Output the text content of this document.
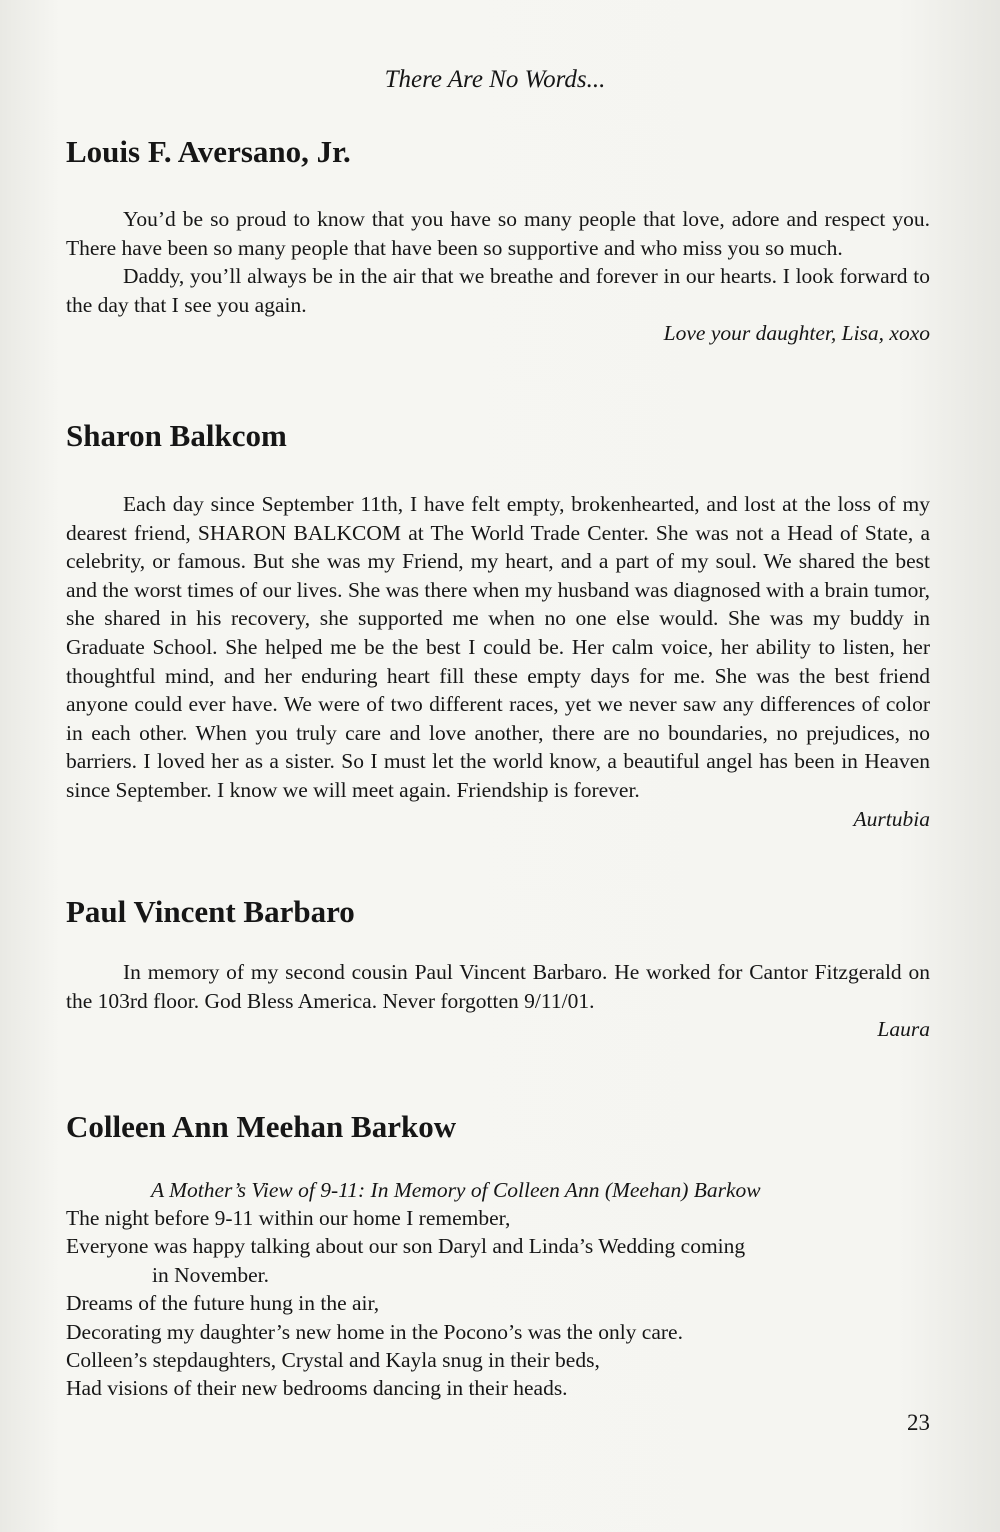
There Are No Words...
Louis F. Aversano, Jr.

You’d be so proud to know that you have so many people that love, adore and respect you. There have been so many people that have been so supportive and who miss you so much.

Daddy, you’ll always be in the air that we breathe and forever in our hearts. I look forward to the day that I see you again.

Love your daughter, Lisa, xoxo

Sharon Balkcom

Each day since September 11th, I have felt empty, brokenhearted, and lost at the loss of my dearest friend, SHARON BALKCOM at The World Trade Center. She was not a Head of State, a celebrity, or famous. But she was my Friend, my heart, and a part of my soul. We shared the best and the worst times of our lives. She was there when my husband was diagnosed with a brain tumor, she shared in his recovery, she supported me when no one else would. She was my buddy in Graduate School. She helped me be the best I could be. Her calm voice, her ability to listen, her thoughtful mind, and her enduring heart fill these empty days for me. She was the best friend anyone could ever have. We were of two different races, yet we never saw any differences of color in each other. When you truly care and love another, there are no boundaries, no prejudices, no barriers. I loved her as a sister. So I must let the world know, a beautiful angel has been in Heaven since September. I know we will meet again. Friendship is forever.

Aurtubia

Paul Vincent Barbaro

In memory of my second cousin Paul Vincent Barbaro. He worked for Cantor Fitzgerald on the 103rd floor. God Bless America. Never forgotten 9/11/01.

Laura

Colleen Ann Meehan Barkow

A Mother’s View of 9-11: In Memory of Colleen Ann (Meehan) Barkow

The night before 9-11 within our home I remember,

Everyone was happy talking about our son Daryl and Linda’s Wedding coming

in November.

Dreams of the future hung in the air,

Decorating my daughter’s new home in the Pocono’s was the only care.

Colleen’s stepdaughters, Crystal and Kayla snug in their beds,

Had visions of their new bedrooms dancing in their heads.

23
